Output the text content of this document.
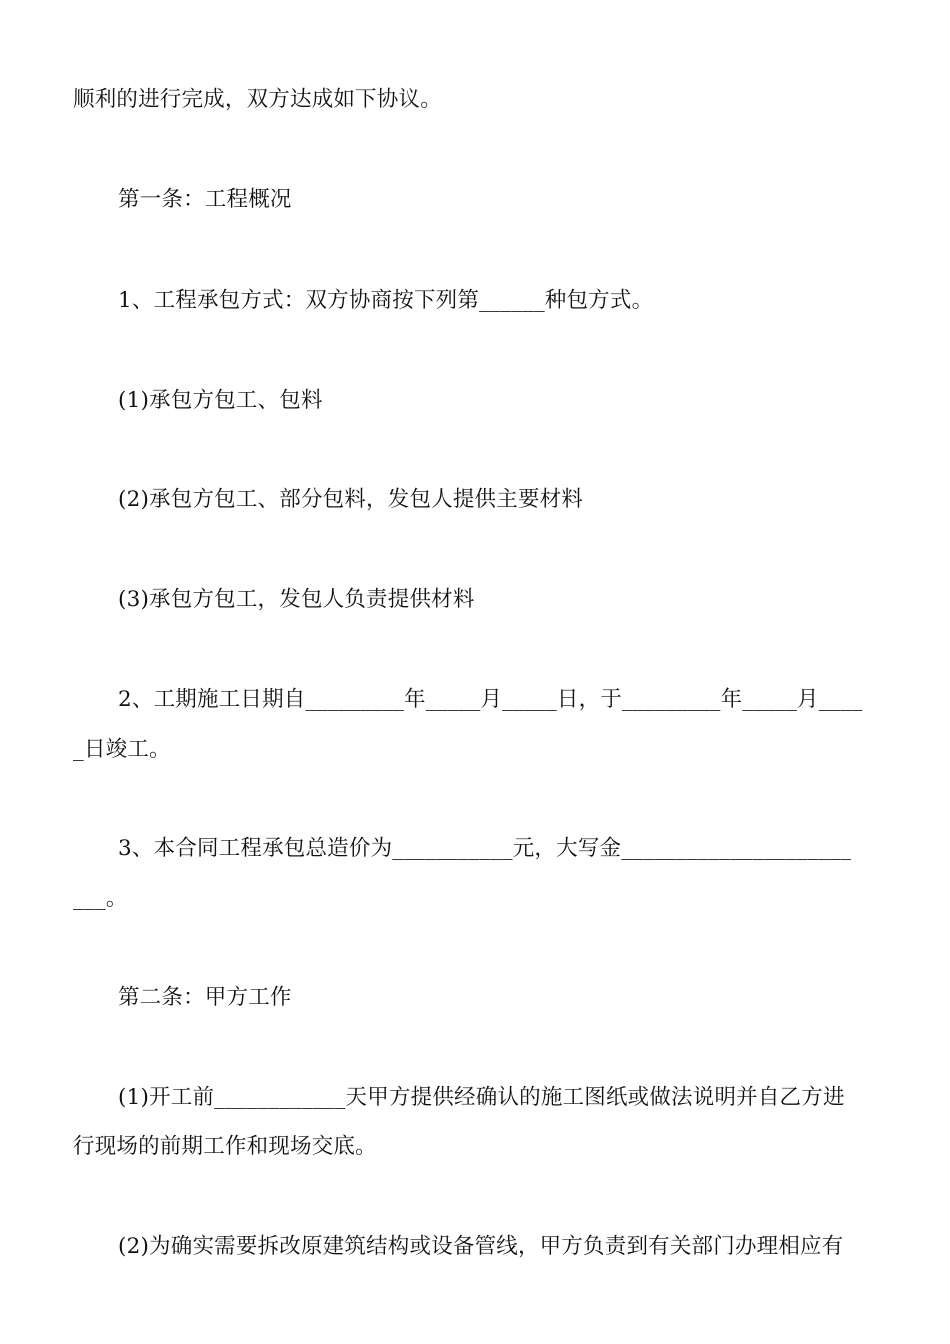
顺利的进行完成，双方达成如下协议。
第一条：工程概况
1、工程承包方式：双方协商按下列第______种包方式。
(1)承包方包工、包料
(2)承包方包工、部分包料，发包人提供主要材料
(3)承包方包工，发包人负责提供材料
2、工期施工日期自_________年_____月_____日，于_________年_____月____
_日竣工。
3、本合同工程承包总造价为___________元，大写金_____________________
___。
第二条：甲方工作
(1)开工前____________天甲方提供经确认的施工图纸或做法说明并自乙方进
行现场的前期工作和现场交底。
(2)为确实需要拆改原建筑结构或设备管线，甲方负责到有关部门办理相应有
